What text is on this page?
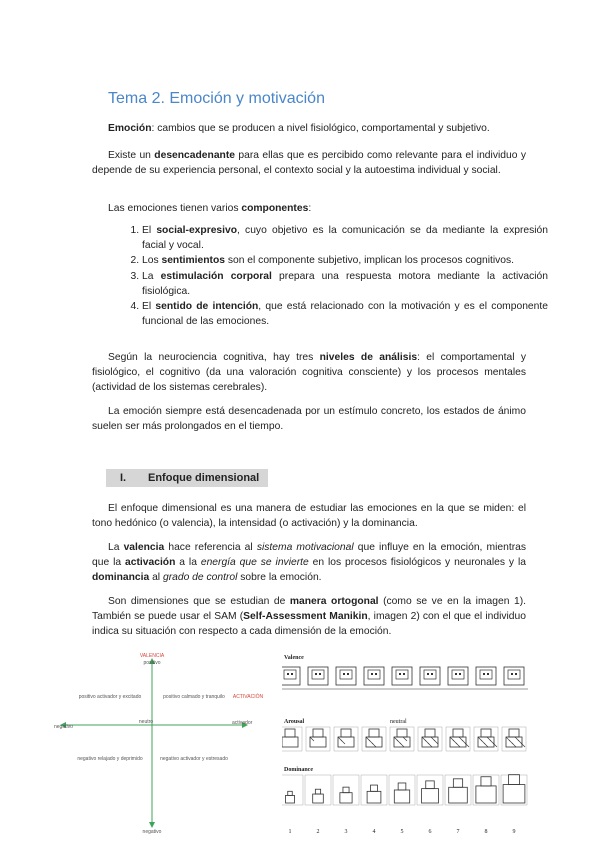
Tema 2. Emoción y motivación

Emoción: cambios que se producen a nivel fisiológico, comportamental y subjetivo.

Existe un desencadenante para ellas que es percibido como relevante para el individuo y depende de su experiencia personal, el contexto social y la autoestima individual y social.

Las emociones tienen varios componentes:

1. El social-expresivo, cuyo objetivo es la comunicación se da mediante la expresión facial y vocal.
2. Los sentimientos son el componente subjetivo, implican los procesos cognitivos.
3. La estimulación corporal prepara una respuesta motora mediante la activación fisiológica.
4. El sentido de intención, que está relacionado con la motivación y es el componente funcional de las emociones.

Según la neurociencia cognitiva, hay tres niveles de análisis: el comportamental y fisiológico, el cognitivo (da una valoración cognitiva consciente) y los procesos mentales (actividad de los sistemas cerebrales).

La emoción siempre está desencadenada por un estímulo concreto, los estados de ánimo suelen ser más prolongados en el tiempo.

I. Enfoque dimensional

El enfoque dimensional es una manera de estudiar las emociones en la que se miden: el tono hedónico (o valencia), la intensidad (o activación) y la dominancia.

La valencia hace referencia al sistema motivacional que influye en la emoción, mientras que la activación a la energía que se invierte en los procesos fisiológicos y neuronales y la dominancia al grado de control sobre la emoción.

Son dimensiones que se estudian de manera ortogonal (como se ve en la imagen 1). También se puede usar el SAM (Self-Assessment Manikin, imagen 2) con el que el individuo indica su situación con respecto a cada dimensión de la emoción.

VALENCIA
positivo
ACTIVACIÓN
negativo
activador
negativo
neutro
positivo activador y excitado	positivo calmado y tranquilo
negativo relajado y deprimido	negativo activador y estresado
Valence
Arousal	neutral
Dominance
1	2	3	4	5	6	7	8	9
